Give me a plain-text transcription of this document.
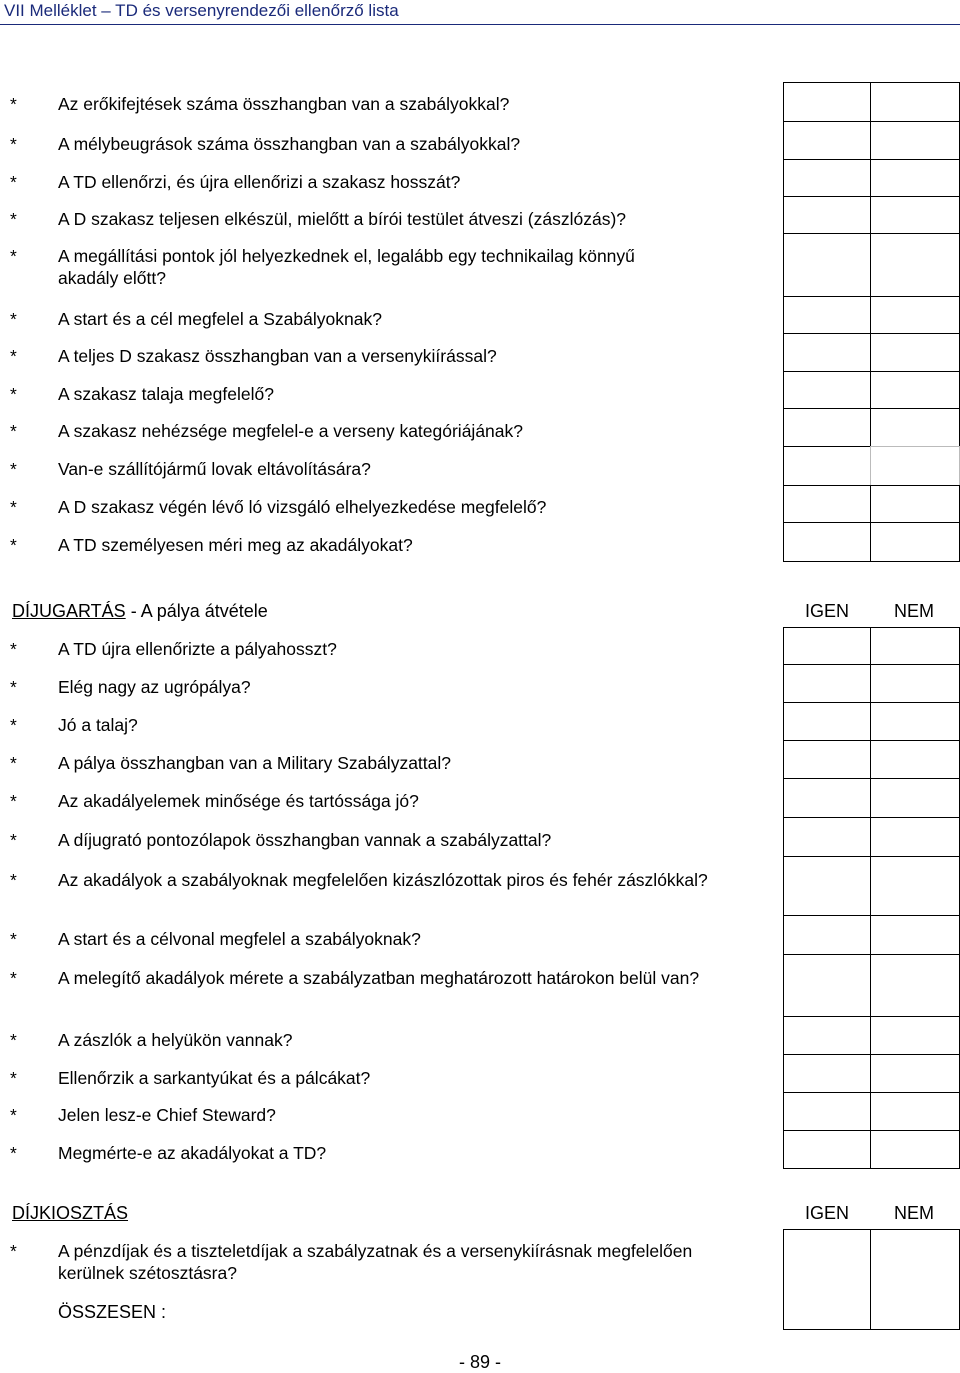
VII Melléklet – TD és versenyrendezői ellenőrző lista
* Az erőkifejtések száma összhangban van a szabályokkal?
* A mélybeugrások száma összhangban van a szabályokkal?
* A TD ellenőrzi, és újra ellenőrizi a szakasz hosszát?
* A D szakasz teljesen elkészül, mielőtt a bírói testület átveszi (zászlózás)?
* A megállítási pontok jól helyezkednek el, legalább egy technikailag könnyű akadály előtt?
* A start és a cél megfelel a Szabályoknak?
* A teljes D szakasz összhangban van a versenykiírással?
* A szakasz talaja megfelelő?
* A szakasz nehézsége megfelel-e a verseny kategóriájának?
* Van-e szállítójármű lovak eltávolítására?
* A D szakasz végén lévő ló vizsgáló elhelyezkedése megfelelő?
* A TD személyesen méri meg az akadályokat?
DÍJUGARTÁS - A pálya átvétele	IGEN	NEM
* A TD újra ellenőrizte a pályahosszt?
* Elég nagy az ugrópálya?
* Jó a talaj?
* A pálya összhangban van a Military Szabályzattal?
* Az akadályelemek minősége és tartóssága jó?
* A díjugrató pontozólapok összhangban vannak a szabályzattal?
* Az akadályok a szabályoknak megfelelően kizászlózottak piros és fehér zászlókkal?
* A start és a célvonal megfelel a szabályoknak?
* A melegítő akadályok mérete a szabályzatban meghatározott határokon belül van?
* A zászlók a helyükön vannak?
* Ellenőrzik a sarkantyúkat és a pálcákat?
* Jelen lesz-e Chief Steward?
* Megmérte-e az akadályokat a TD?
DÍJKIOSZTÁS	IGEN	NEM
* A pénzdíjak és a tiszteletdíjak a szabályzatnak és a versenykiírásnak megfelelően kerülnek szétosztásra?
ÖSSZESEN :
- 89 -
